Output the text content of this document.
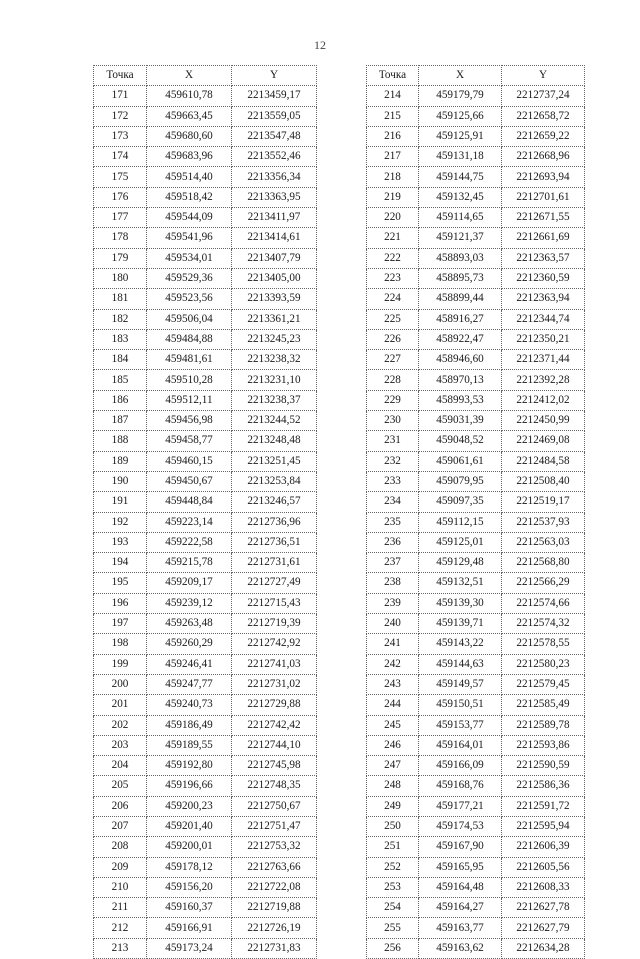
12
Точка	X	Y
171	459610,78	2213459,17
172	459663,45	2213559,05
173	459680,60	2213547,48
174	459683,96	2213552,46
175	459514,40	2213356,34
176	459518,42	2213363,95
177	459544,09	2213411,97
178	459541,96	2213414,61
179	459534,01	2213407,79
180	459529,36	2213405,00
181	459523,56	2213393,59
182	459506,04	2213361,21
183	459484,88	2213245,23
184	459481,61	2213238,32
185	459510,28	2213231,10
186	459512,11	2213238,37
187	459456,98	2213244,52
188	459458,77	2213248,48
189	459460,15	2213251,45
190	459450,67	2213253,84
191	459448,84	2213246,57
192	459223,14	2212736,96
193	459222,58	2212736,51
194	459215,78	2212731,61
195	459209,17	2212727,49
196	459239,12	2212715,43
197	459263,48	2212719,39
198	459260,29	2212742,92
199	459246,41	2212741,03
200	459247,77	2212731,02
201	459240,73	2212729,88
202	459186,49	2212742,42
203	459189,55	2212744,10
204	459192,80	2212745,98
205	459196,66	2212748,35
206	459200,23	2212750,67
207	459201,40	2212751,47
208	459200,01	2212753,32
209	459178,12	2212763,66
210	459156,20	2212722,08
211	459160,37	2212719,88
212	459166,91	2212726,19
213	459173,24	2212731,83
Точка	X	Y
214	459179,79	2212737,24
215	459125,66	2212658,72
216	459125,91	2212659,22
217	459131,18	2212668,96
218	459144,75	2212693,94
219	459132,45	2212701,61
220	459114,65	2212671,55
221	459121,37	2212661,69
222	458893,03	2212363,57
223	458895,73	2212360,59
224	458899,44	2212363,94
225	458916,27	2212344,74
226	458922,47	2212350,21
227	458946,60	2212371,44
228	458970,13	2212392,28
229	458993,53	2212412,02
230	459031,39	2212450,99
231	459048,52	2212469,08
232	459061,61	2212484,58
233	459079,95	2212508,40
234	459097,35	2212519,17
235	459112,15	2212537,93
236	459125,01	2212563,03
237	459129,48	2212568,80
238	459132,51	2212566,29
239	459139,30	2212574,66
240	459139,71	2212574,32
241	459143,22	2212578,55
242	459144,63	2212580,23
243	459149,57	2212579,45
244	459150,51	2212585,49
245	459153,77	2212589,78
246	459164,01	2212593,86
247	459166,09	2212590,59
248	459168,76	2212586,36
249	459177,21	2212591,72
250	459174,53	2212595,94
251	459167,90	2212606,39
252	459165,95	2212605,56
253	459164,48	2212608,33
254	459164,27	2212627,78
255	459163,77	2212627,79
256	459163,62	2212634,28
